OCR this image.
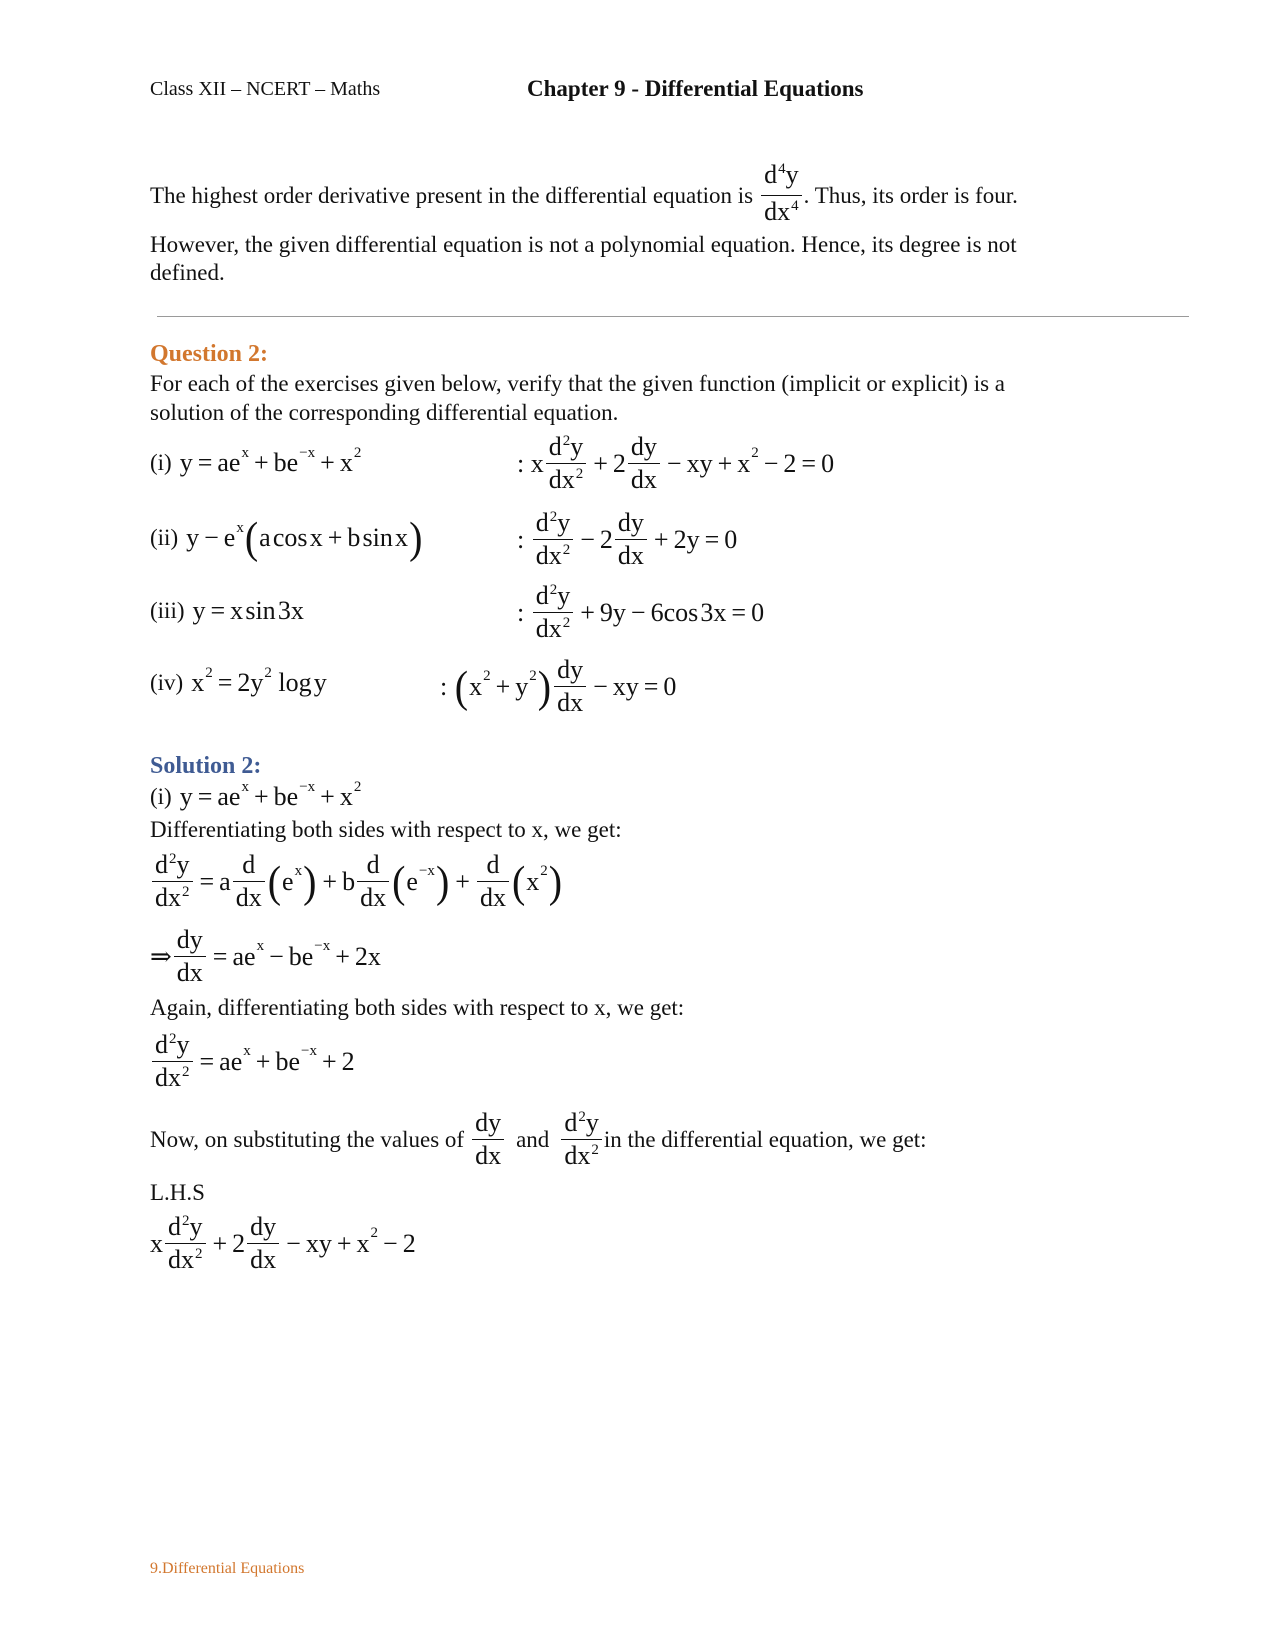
Class XII – NCERT – Maths	Chapter 9 - Differential Equations
The highest order derivative present in the differential equation is $\frac{d^4y}{dx^4}$ . Thus, its order is four.
However, the given differential equation is not a polynomial equation. Hence, its degree is not
defined.
Question 2:
For each of the exercises given below, verify that the given function (implicit or explicit) is a
solution of the corresponding differential equation.
(i) y = ae x + be −x + x 2	: x $\frac{d^2y}{dx^2} + 2 \frac{dy}{dx}$ − xy + x 2 − 2 = 0
(ii) y − e x ( a cos x + b sin x )	: $\frac{d^2y}{dx^2} - 2 \frac{dy}{dx} + 2y = 0$
(iii) y = x sin 3x	: $\frac{d^2y}{dx^2} + 9y - 6\cos$ 3x = 0
(iv) x 2 = 2y 2 log y	: ( x 2 + y 2 ) $\frac{dy}{dx}$ − xy = 0
Solution 2:
(i) y = ae x + be −x + x 2
Differentiating both sides with respect to x, we get:
$\frac{d^2y}{dx^2} = a \frac{d}{dx}$ ( e x ) + b $\frac{d}{dx}$ ( e −x ) + $\frac{d}{dx}$ ( x 2 )
⇒ $\frac{dy}{dx}$ = ae x − be −x + 2x
Again, differentiating both sides with respect to x, we get:
$\frac{d^2y}{dx^2}$ = ae x + be −x + 2
Now, on substituting the values of $\frac{dy}{dx}$ and $\frac{d^2y}{dx^2}$ in the differential equation, we get:
L.H.S
x $\frac{d^2y}{dx^2} + 2 \frac{dy}{dx}$ − xy + x 2 − 2
9.Differential Equations
